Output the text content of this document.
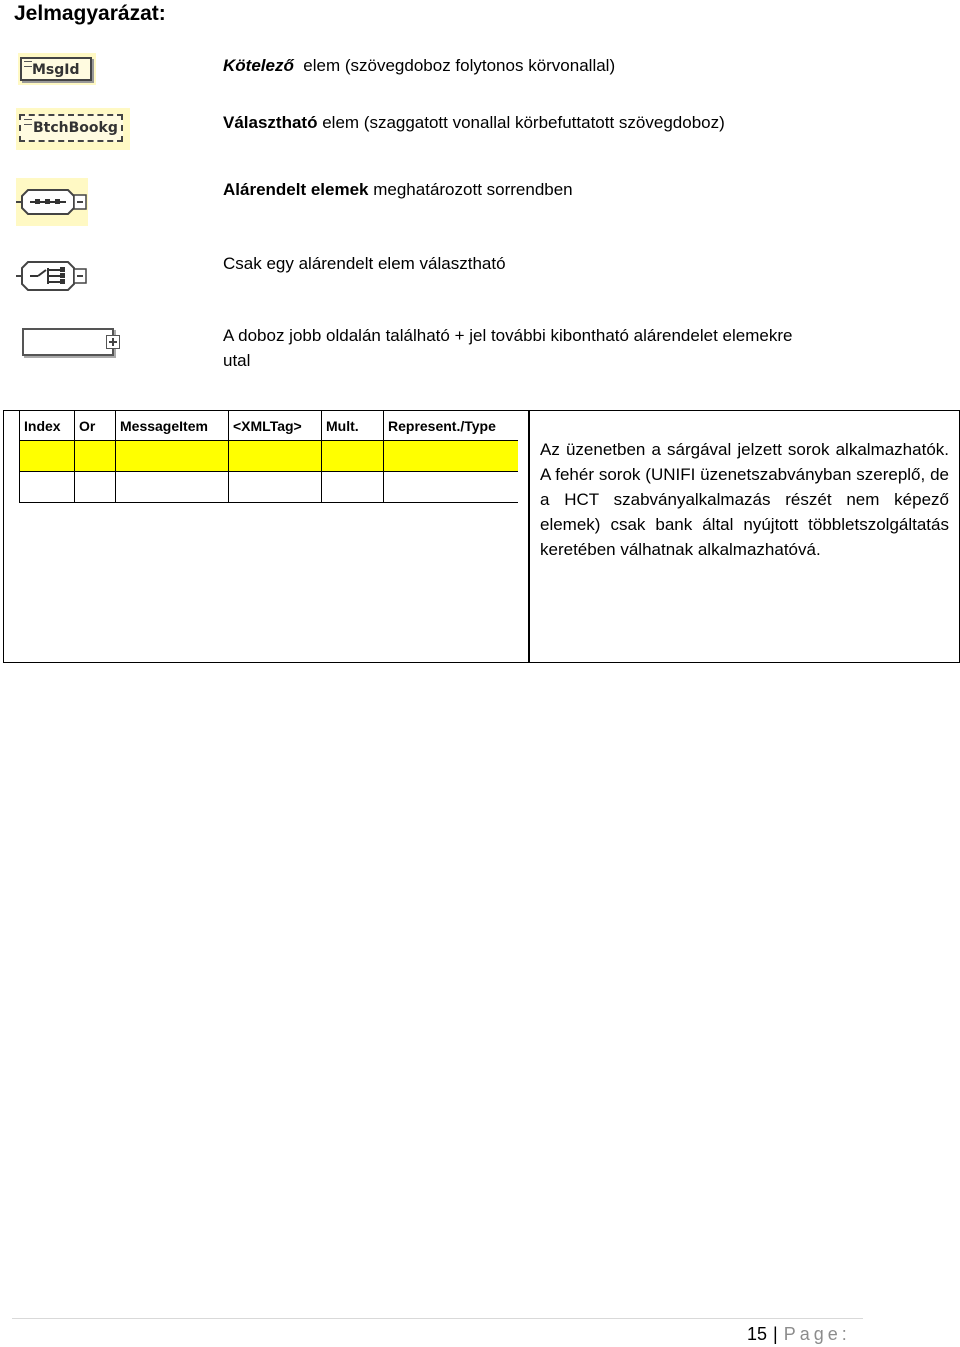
Jelmagyarázat:
MsgId	Kötelező  elem (szövegdoboz folytonos körvonallal)
BtchBookg	Választható elem (szaggatott vonallal körbefuttatott szövegdoboz)
Alárendelt elemek meghatározott sorrendben
Csak egy alárendelt elem választható
A doboz jobb oldalán található + jel további kibontható alárendelet elemekre utal
Index	Or	MessageItem	<XMLTag>	Mult.	Represent./Type

Az üzenetben a sárgával jelzett sorok alkalmazhatók. A fehér sorok (UNIFI üzenetszabványban szereplő, de a HCT szabványalkalmazás részét nem képező elemek) csak bank által nyújtott többletszolgáltatás keretében válhatnak alkalmazhatóvá.
15 | Page:
